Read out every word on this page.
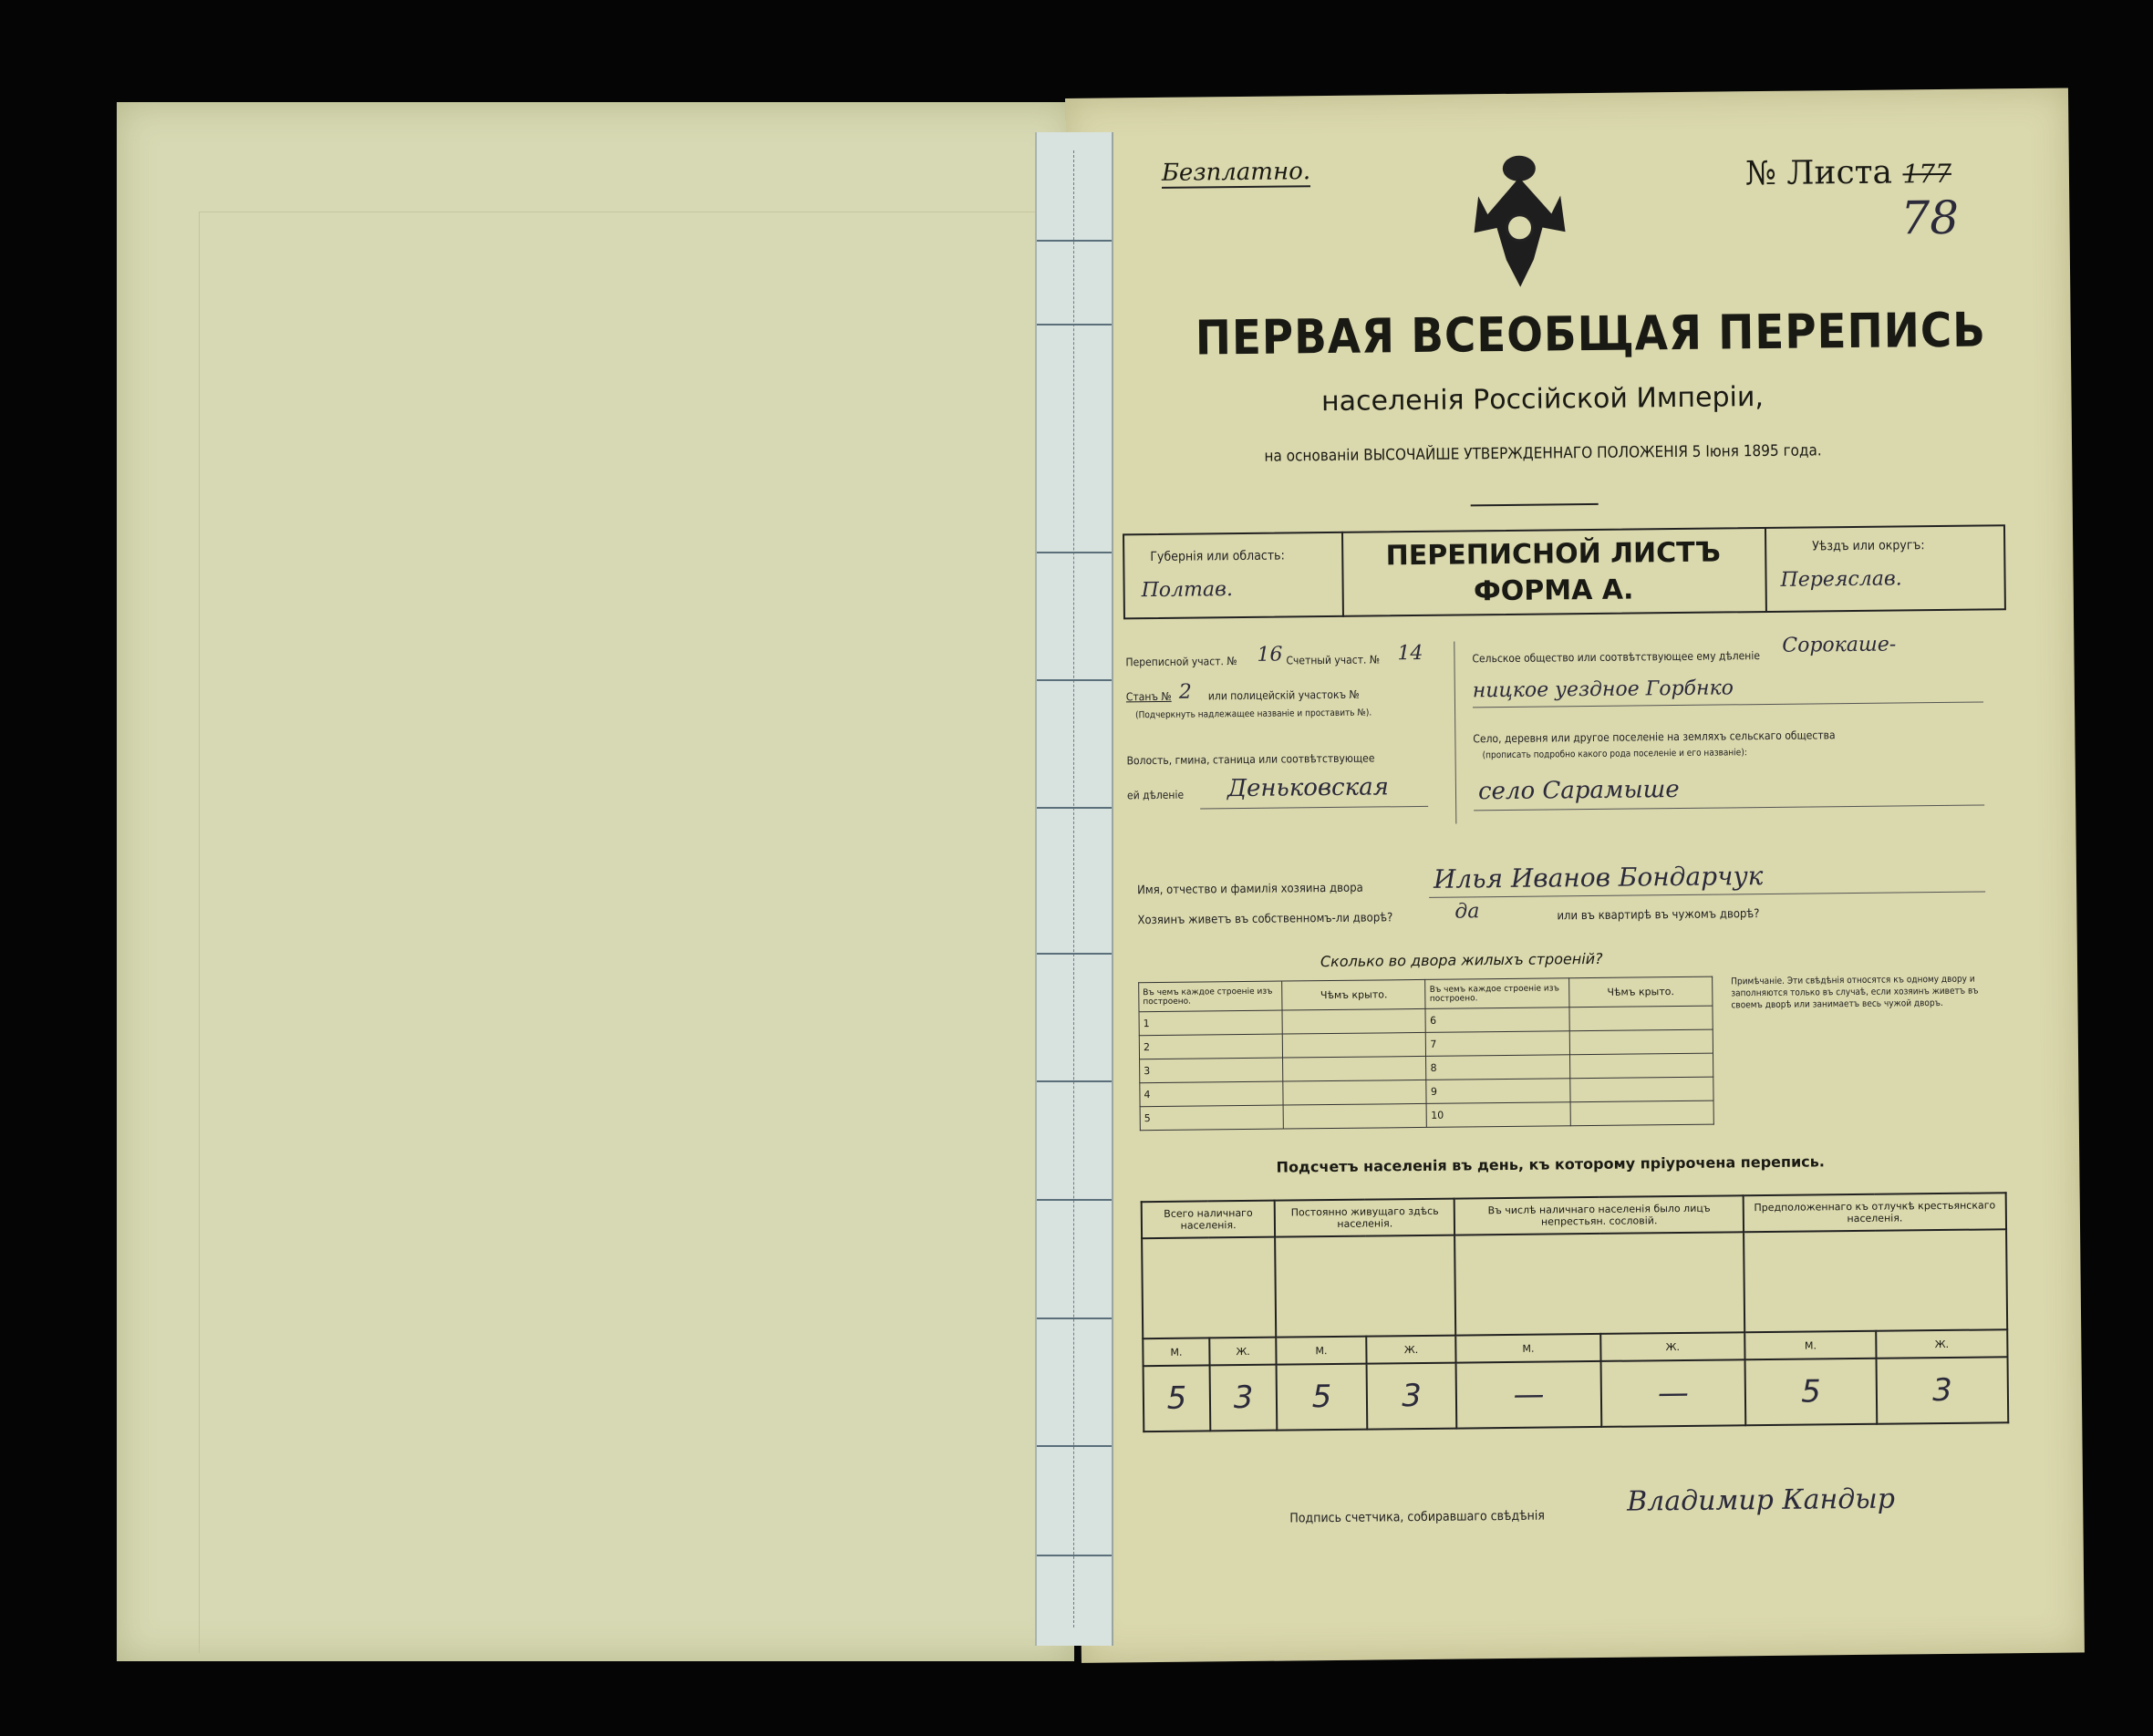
Безплатно.	№ Листа 177
78
ПЕРВАЯ ВСЕОБЩАЯ ПЕРЕПИСЬ
населенія Россійской Имперіи,
на основаніи ВЫСОЧАЙШЕ УТВЕРЖДЕННАГО ПОЛОЖЕНІЯ 5 Іюня 1895 года.
Губернія или область:
Полтав.
ПЕРЕПИСНОЙ ЛИСТЪ
ФОРМА А.
Уѣздъ или округъ:
Переяслав.
Переписной участ. № 16 Счетный участ. № 14
Станъ № 2 или полицейскій участокъ №
(Подчеркнуть надлежащее названіе и проставить №).
Волость, гмина, станица или соотвѣтствующее
ей дѣленіе Деньковская
Сельское общество или соотвѣтствующее ему дѣленіе Сорокаше-
ницкое уездное Горбнко
Село, деревня или другое поселеніе на земляхъ сельскаго общества
(прописать подробно какого рода поселеніе и его названіе):
село Сарамыше
Имя, отчество и фамилія хозяина двора	Илья Иванов Бондарчук
Хозяинъ живетъ въ собственномъ-ли дворѣ?	да	или въ квартирѣ въ чужомъ дворѣ?
Сколько во двора жилыхъ строеній?
Въ чемъ каждое строеніе изъ построено.	Чѣмъ крыто.	Въ чемъ каждое строеніе изъ построено.	Чѣмъ крыто.
1		6	
2		7	
3		8	
4		9	
5		10	
Примѣчаніе. Эти свѣдѣнія относятся къ одному двору и заполняются только въ случаѣ, если хозяинъ живетъ въ своемъ дворѣ или занимаетъ весь чужой дворъ.
Подсчетъ населенія въ день, къ которому пріурочена перепись.
Всего наличнаго населенія.		Постоянно живущаго здѣсь населенія.		Въ числѣ наличнаго населенія было лицъ непрестьян. сословій.		Предположеннаго къ отлучкѣ крестьянскаго населенія.	

М.	Ж.	М.	Ж.	М.	Ж.	М.	Ж.
5	3	5	3	—	—	5	3
Подпись счетчика, собиравшаго свѣдѣнія	Владимир Кандыр
